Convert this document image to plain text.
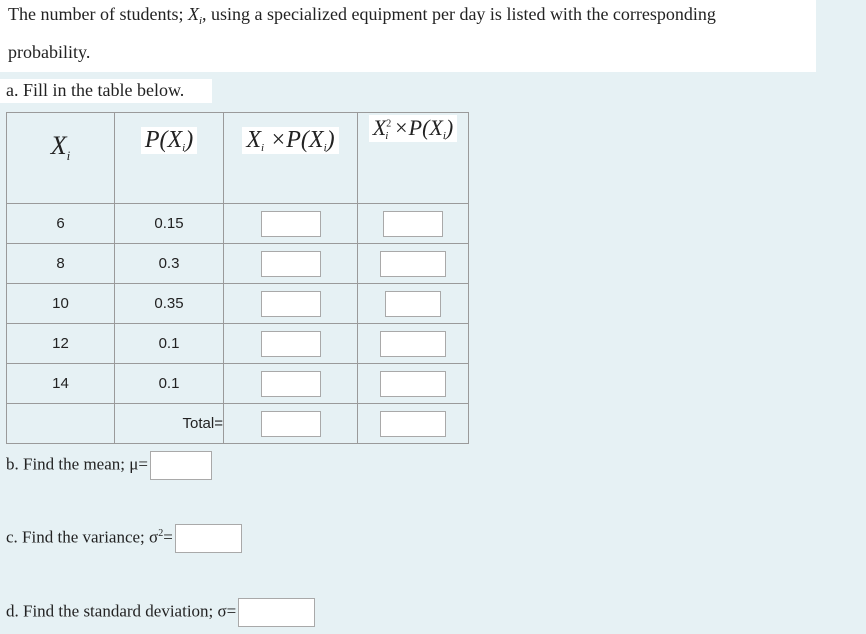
The number of students; $X_i$, using a specialized equipment per day is listed with the corresponding
probability.
a. Fill in the table below.
$X_i$	$P(X_i)$	$X_i \times P(X_i)$	$X^2_i \times P(X_i)$
6	0.15		
8	0.3		
10	0.35		
12	0.1		
14	0.1		
	Total=		
b. Find the mean; μ=
c. Find the variance; $\sigma^2=$
d. Find the standard deviation; σ=
